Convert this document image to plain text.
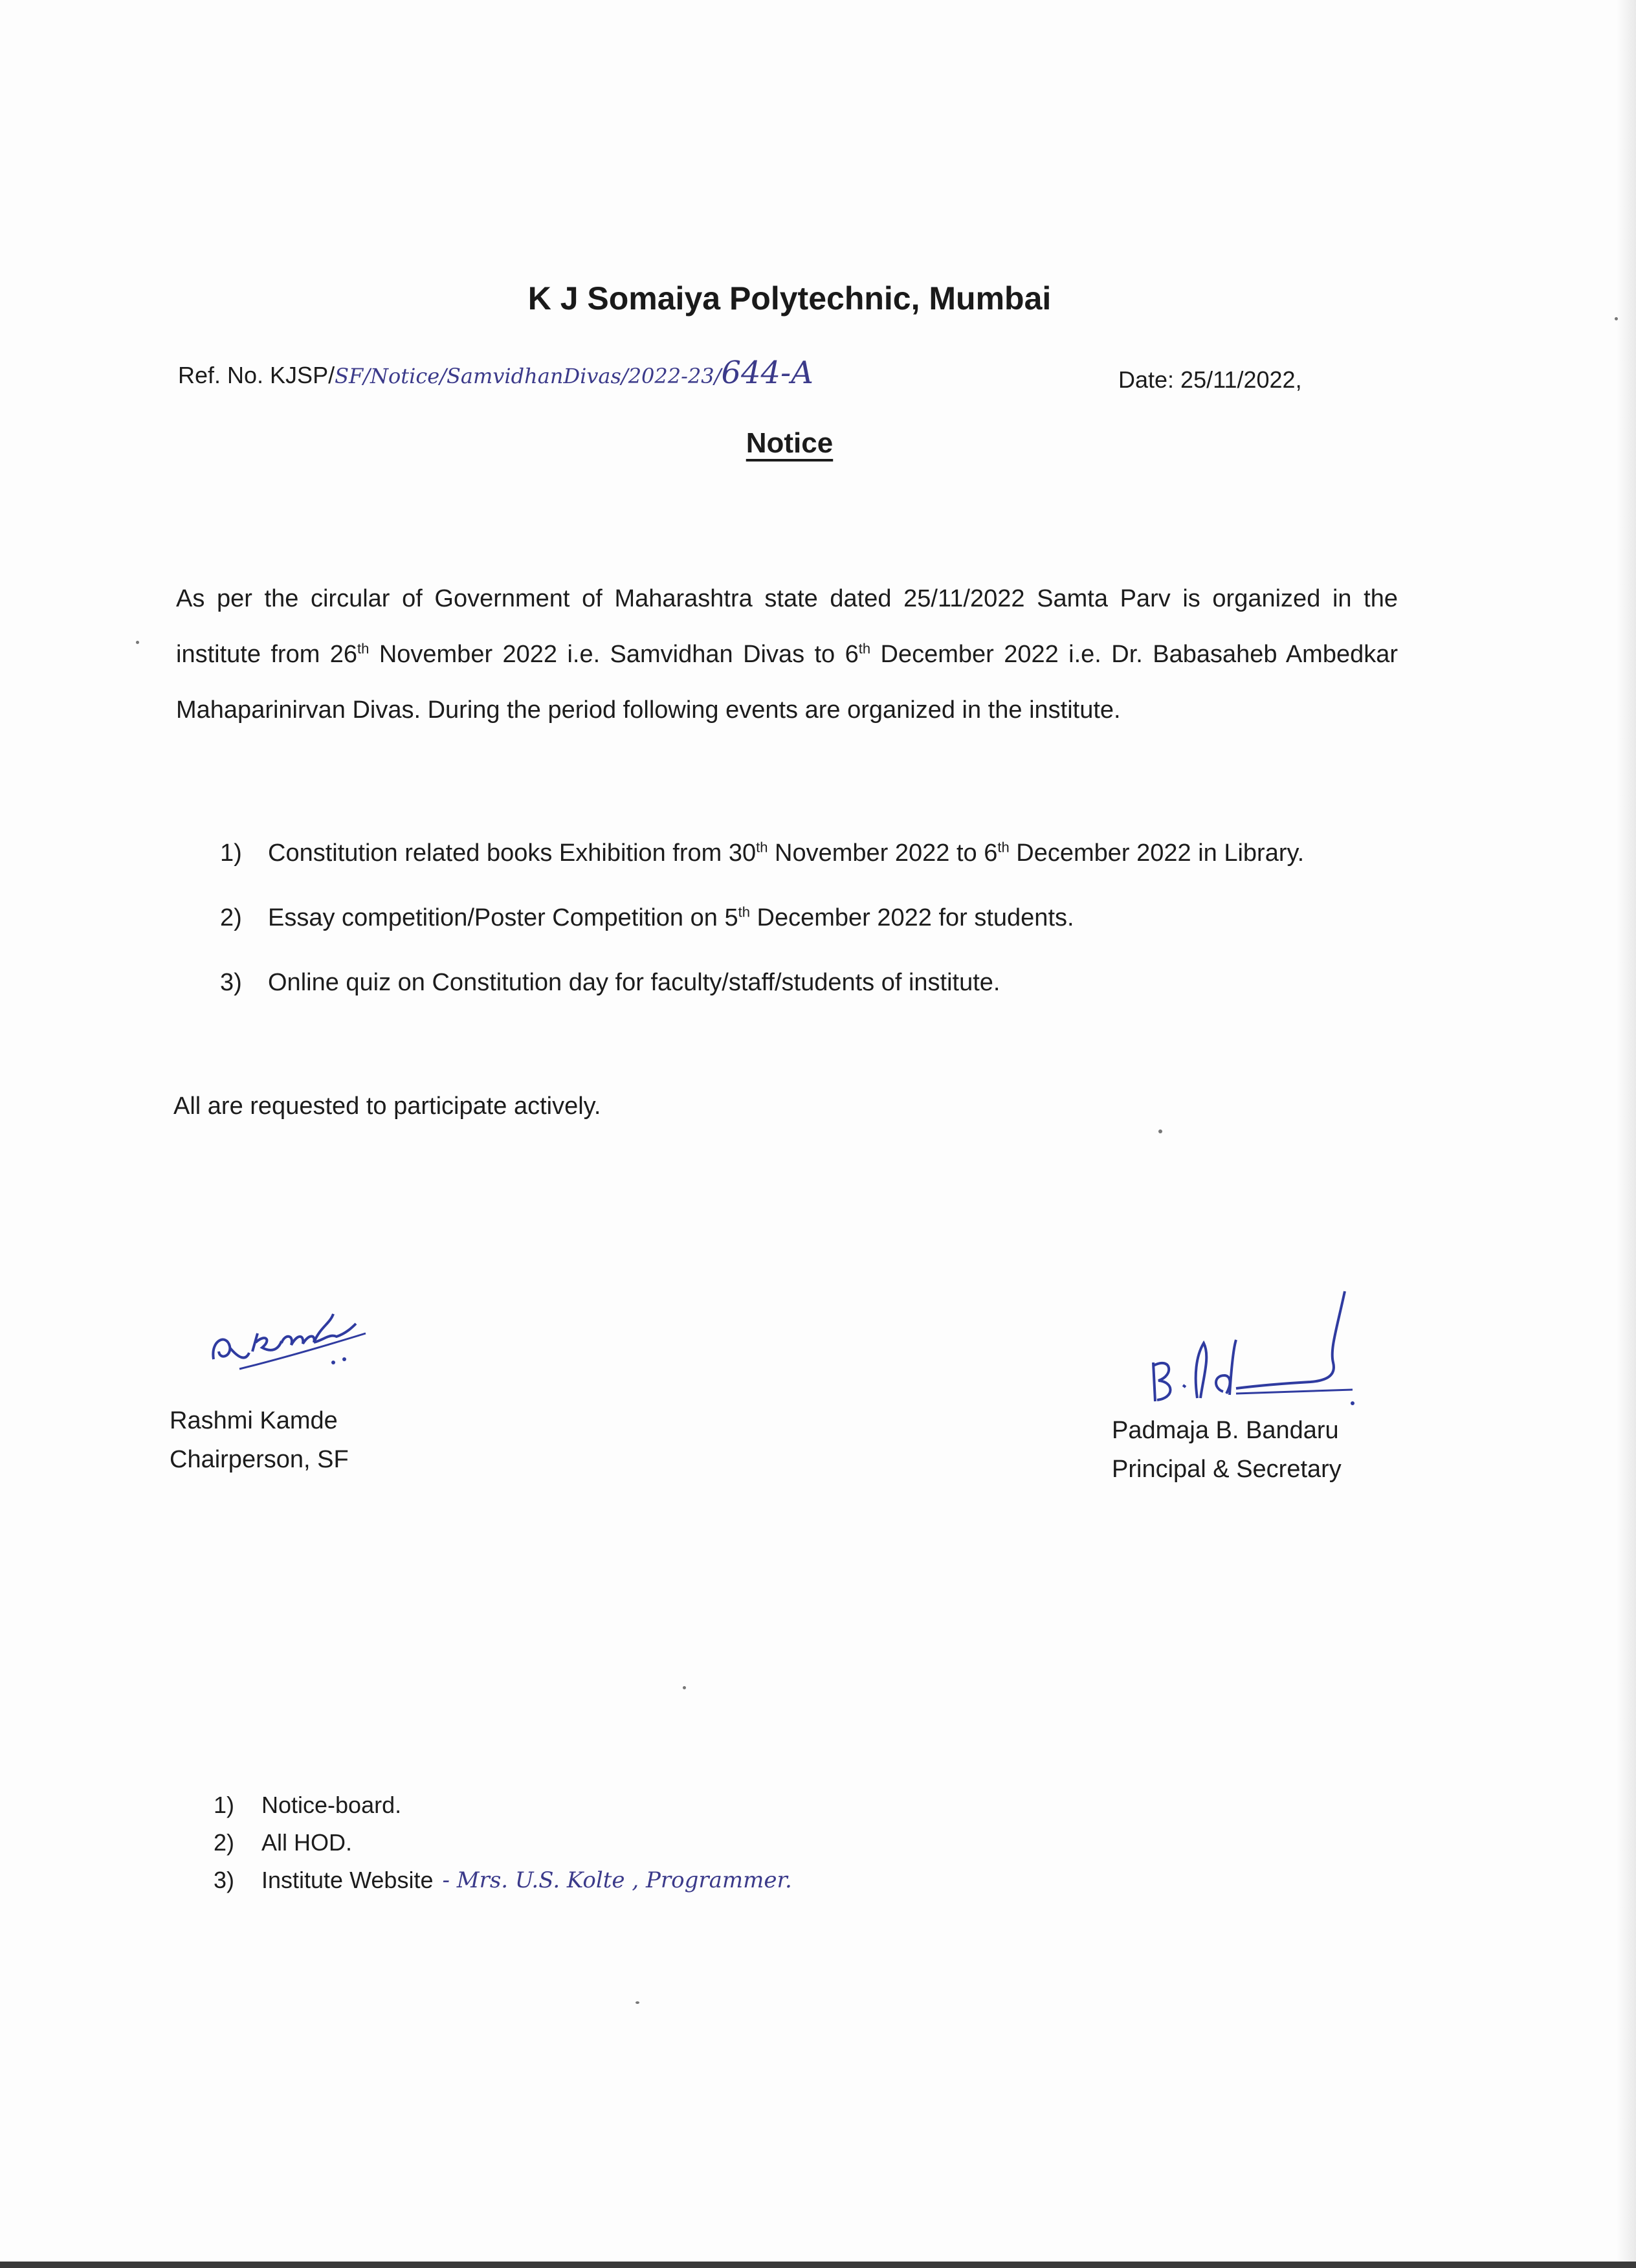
K J Somaiya Polytechnic, Mumbai
Ref. No. KJSP/SF/Notice/SamvidhanDivas/2022-23/644-A	Date: 25/11/2022,
Notice
As per the circular of Government of Maharashtra state dated 25/11/2022 Samta Parv is organized in the institute from 26th November 2022 i.e. Samvidhan Divas to 6th December 2022 i.e. Dr. Babasaheb Ambedkar Mahaparinirvan Divas. During the period following events are organized in the institute.
1)	Constitution related books Exhibition from 30th November 2022 to 6th December 2022 in Library.
2)	Essay competition/Poster Competition on 5th December 2022 for students.
3)	Online quiz on Constitution day for faculty/staff/students of institute.
All are requested to participate actively.
Rashmi Kamde
Chairperson, SF
Padmaja B. Bandaru
Principal & Secretary
1)	Notice-board.
2)	All HOD.
3)	Institute Website - Mrs. U.S. Kolte , Programmer.
